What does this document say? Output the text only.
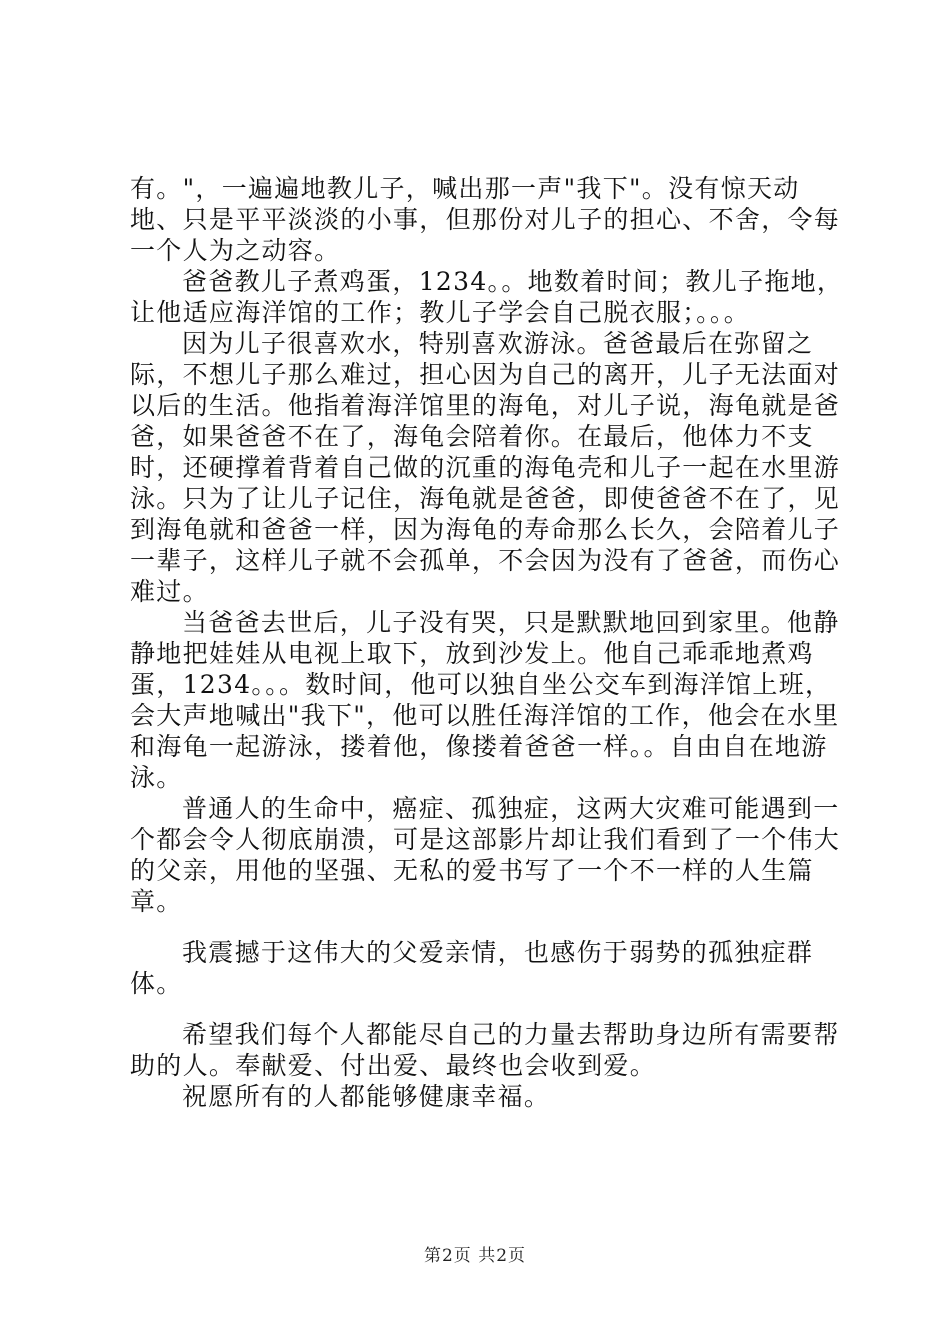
有。"，一遍遍地教儿子，喊出那一声"我下"。没有惊天动地、只是平平淡淡的小事，但那份对儿子的担心、不舍，令每一个人为之动容。

爸爸教儿子煮鸡蛋，1234。。地数着时间；教儿子拖地，让他适应海洋馆的工作；教儿子学会自己脱衣服；。。。

因为儿子很喜欢水，特别喜欢游泳。爸爸最后在弥留之际，不想儿子那么难过，担心因为自己的离开，儿子无法面对以后的生活。他指着海洋馆里的海龟，对儿子说，海龟就是爸爸，如果爸爸不在了，海龟会陪着你。在最后，他体力不支时，还硬撑着背着自己做的沉重的海龟壳和儿子一起在水里游泳。只为了让儿子记住，海龟就是爸爸，即使爸爸不在了，见到海龟就和爸爸一样，因为海龟的寿命那么长久，会陪着儿子一辈子，这样儿子就不会孤单，不会因为没有了爸爸，而伤心难过。

当爸爸去世后，儿子没有哭，只是默默地回到家里。他静静地把娃娃从电视上取下，放到沙发上。他自己乖乖地煮鸡蛋，1234。。。数时间，他可以独自坐公交车到海洋馆上班，会大声地喊出"我下"，他可以胜任海洋馆的工作，他会在水里和海龟一起游泳，搂着他，像搂着爸爸一样。。自由自在地游泳。

普通人的生命中，癌症、孤独症，这两大灾难可能遇到一个都会令人彻底崩溃，可是这部影片却让我们看到了一个伟大的父亲，用他的坚强、无私的爱书写了一个不一样的人生篇章。

我震撼于这伟大的父爱亲情，也感伤于弱势的孤独症群体。

希望我们每个人都能尽自己的力量去帮助身边所有需要帮助的人。奉献爱、付出爱、最终也会收到爱。

祝愿所有的人都能够健康幸福。

第2页 共2页
